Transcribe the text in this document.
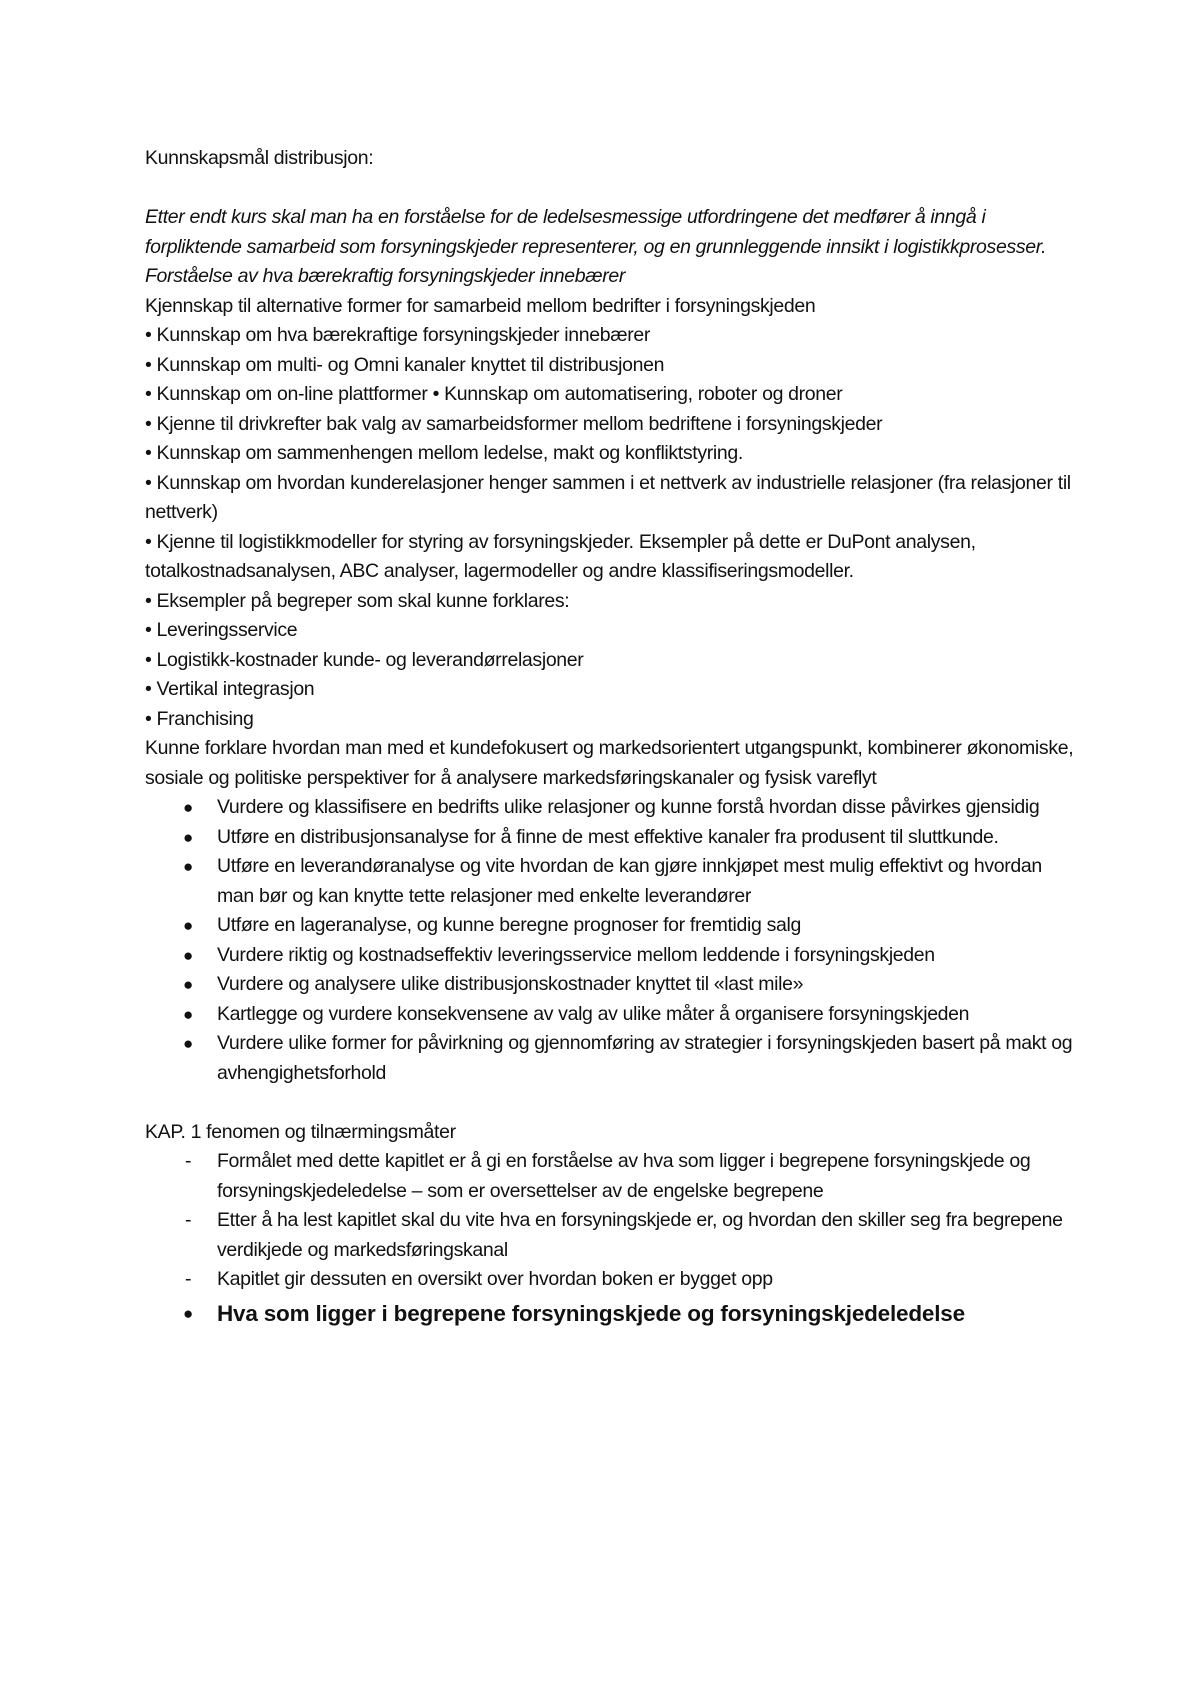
Kunnskapsmål distribusjon:

Etter endt kurs skal man ha en forståelse for de ledelsesmessige utfordringene det medfører å inngå i forpliktende samarbeid som forsyningskjeder representerer, og en grunnleggende innsikt i logistikkprosesser. Forståelse av hva bærekraftig forsyningskjeder innebærer

Kjennskap til alternative former for samarbeid mellom bedrifter i forsyningskjeden

• Kunnskap om hva bærekraftige forsyningskjeder innebærer

• Kunnskap om multi- og Omni kanaler knyttet til distribusjonen

• Kunnskap om on-line plattformer • Kunnskap om automatisering, roboter og droner

• Kjenne til drivkrefter bak valg av samarbeidsformer mellom bedriftene i forsyningskjeder

• Kunnskap om sammenhengen mellom ledelse, makt og konfliktstyring.

• Kunnskap om hvordan kunderelasjoner henger sammen i et nettverk av industrielle relasjoner (fra relasjoner til nettverk)

• Kjenne til logistikkmodeller for styring av forsyningskjeder. Eksempler på dette er DuPont analysen, totalkostnadsanalysen, ABC analyser, lagermodeller og andre klassifiseringsmodeller.

• Eksempler på begreper som skal kunne forklares:

• Leveringsservice

• Logistikk-kostnader kunde- og leverandørrelasjoner

• Vertikal integrasjon

• Franchising

Kunne forklare hvordan man med et kundefokusert og markedsorientert utgangspunkt, kombinerer økonomiske, sosiale og politiske perspektiver for å analysere markedsføringskanaler og fysisk vareflyt

● Vurdere og klassifisere en bedrifts ulike relasjoner og kunne forstå hvordan disse påvirkes gjensidig
● Utføre en distribusjonsanalyse for å finne de mest effektive kanaler fra produsent til sluttkunde.
● Utføre en leverandøranalyse og vite hvordan de kan gjøre innkjøpet mest mulig effektivt og hvordan man bør og kan knytte tette relasjoner med enkelte leverandører
● Utføre en lageranalyse, og kunne beregne prognoser for fremtidig salg
● Vurdere riktig og kostnadseffektiv leveringsservice mellom leddende i forsyningskjeden
● Vurdere og analysere ulike distribusjonskostnader knyttet til «last mile»
● Kartlegge og vurdere konsekvensene av valg av ulike måter å organisere forsyningskjeden
● Vurdere ulike former for påvirkning og gjennomføring av strategier i forsyningskjeden basert på makt og avhengighetsforhold

KAP. 1 fenomen og tilnærmingsmåter

- Formålet med dette kapitlet er å gi en forståelse av hva som ligger i begrepene forsyningskjede og forsyningskjedeledelse – som er oversettelser av de engelske begrepene
- Etter å ha lest kapitlet skal du vite hva en forsyningskjede er, og hvordan den skiller seg fra begrepene verdikjede og markedsføringskanal
- Kapitlet gir dessuten en oversikt over hvordan boken er bygget opp
● Hva som ligger i begrepene forsyningskjede og forsyningskjedeledelse
